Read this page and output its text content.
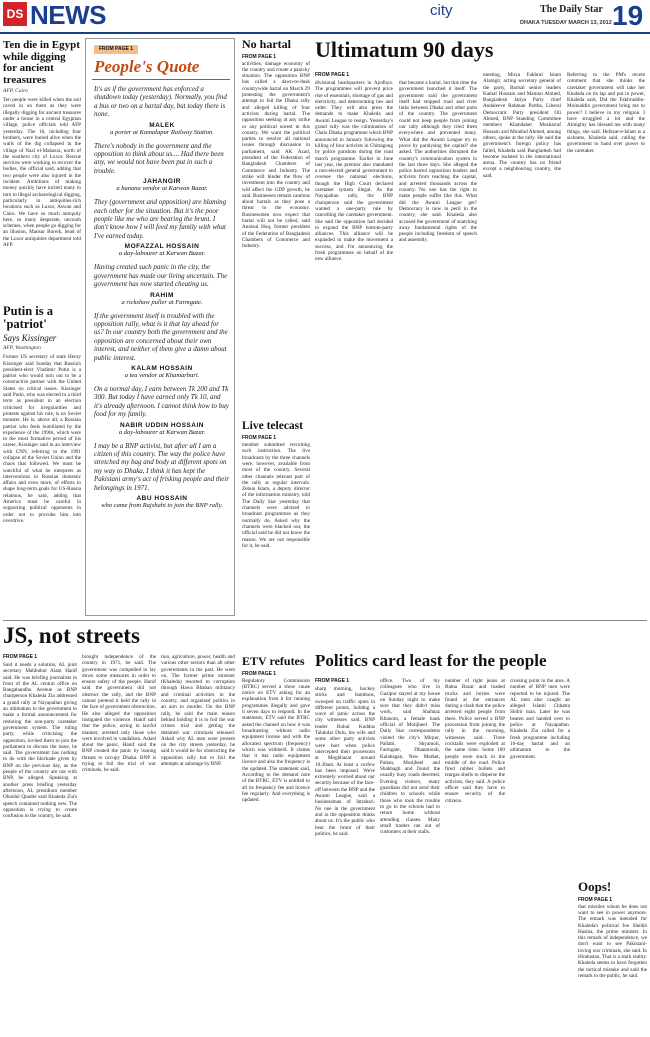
DS NEWS	city	The Daily Star
DHAKA TUESDAY MARCH 13, 2012 19
Ten die in Egypt while digging for ancient treasures
AFP, Cairo
Ten people were killed when the soil caved in on them as they were illegally digging for ancient treasures under a house in a central Egyptian village, police officials told AFP yesterday. The 10, including four brothers, were buried alive when the walls of the dig collapsed in the village of Nazl el-Mahasra, north of the southern city of Luxor. Rescue services were working to recover the bodies, the official said, adding that two people were also injured in the incident. Ambitions of making money quickly have incited many to turn to illegal archaeological digging, particularly in antiquities-rich locations such as Luxor, Aswan and Cairo. We have so much antiquity here, so many desperate, uncouth schemes, when people go digging for an illusion, Mansur Boreik, head of the Luxor antiquities department told AFP.
Putin is a 'patriot'
Says Kissinger
AFP, Washington
Former US secretary of state Henry Kissinger said Sunday that Russia's president-elect Vladimir Putin is a patriot who would turn out to be a constructive partner with the United States on critical issues. Kissinger said Putin, who was elected to a third term as president in an election criticised for irregularities and protests against his rule, is no Soviet monster. He is, above all, a Russian patriot who feels humiliated by the experience of the 1990s, which were to the most formative period of his career, Kissinger said in an interview with CNN, referring to the 1991 collapse of the Soviet Union and the chaos that followed. We must be watchful of what he interprets as interventions in Russian domestic affairs and even more, of efforts to shape long-term goals for US-Russia relations, he said, adding that America must be careful in supporting political opponents in order not to provoke him into overdrive.
FROM PAGE 1
People's Quote
It's as if the government has enforced a shutdown today (yesterday). Normally, you find a bus or two on a hartal day, but today there is none.
MALEK
a porter at Kamalapur Railway Station.
There's nobody in the government and the opposition to think about us.... Had there been any, we would not have been put in such a trouble.
JAHANGIR
a banana vendor at Karwan Bazar.
They (government and opposition) are blaming each other for the situation. But it's the poor people like me who are bearing the brunt. I don't know how I will feed my family with what I've earned today.
MOFAZZAL HOSSAIN
a day-labourer at Karwan Bazar.
Having created such panic in the city, the government has made our living uncertain. The government has now started cheating us.
RAHIM
a rickshaw puller at Farmgate.
If the government itself is troubled with the opposition rally, what is it that lay ahead for us? In our country both the government and the opposition are concerned about their own interest, and neither of them give a damn about public interest.
KALAM HOSSAIN
a tea vendor at Khamarbari.
On a normal day, I earn between Tk 200 and Tk 300. But today I have earned only Tk 10, and it's already afternoon. I cannot think how to buy food for my family.
NABIR UDDIN HOSSAIN
a day-labourer at Karwan Bazar.
I may be a BNP activist, but after all I am a citizen of this country. The way the police have stretched my bag and body at different spots on my way to Dhaka, I think it has kept the Pakistani army's act of frisking people and their belongings in 1971.
ABU HOSSAIN
who came from Rajshahi to join the BNP rally.
No hartal
FROM PAGE 1
activities, damage economy of the country and create a panicky situation. The opposition BNP has called a dawn-to-dusk countrywide hartal on March 29 protesting the government's attempt to foil the Dhaka rally and alleged killing of four activists during hartal. The opposition seeking at any strike or any political unrest in this country. We want the political parties to resolve all national issues through discussion in parliament, said AK Azad, president of the Federation of Bangladesh Chambers of Commerce and Industry. The strike will hinder the flow of investment into the country and will affect the GDP growth, he said. Businesses remain cautious about hartals as they pose a threat to the economy. Businessmen now expect that hartal will not be called, said Annisul Huq, former president of the Federation of Bangladesh Chambers of Commerce and Industry.
Live telecast
FROM PAGE 1
member submitted recruiting such instruction. The live broadcasts by the three channels were, however, available from most of the country. Several other channels telecast part of the rally at regular intervals. Zebun Islam, a deputy director of the information ministry, told The Daily Star yesterday that channels were advised to broadcast programmes as they normally do. Asked why the channels were blacked out, the official said he did not know the reason. We are not responsible for it, he said.
Ultimatum 90 days
FROM PAGE 1
divisional headquarters in Ajodhya. The programmes will prevent price rise of essentials, shortage of gas and electricity, and deteriorating law and order. They will also press the demands to make Khaleda and Awami League to resign. Yesterday's grand rally was the culmination of Chalo Dhaka programme which BNP announced in January following the killing of four activists in Chittagong by police gunshots during the road march programme. Earlier in June last year, the premier also mandated a non-elected general government to oversee the national elections, though the High Court declared caretaker system illegal. As the Nayapaltan rally, the BNP chairperson said the government wanted a one-party rule by cancelling the caretaker government. She said the opposition had decided to expand the BNP bottom-party alliances. This alliance will be expanded to make the movement a success, and I'm announcing the fresh programmes on behalf of the new alliance.
that became a hartal, but this time the government launched it itself. The government said the government itself had stopped road and river links between Dhaka and other parts of the country. The government could not keep people from joining our rally although they tried them everywhere and prevented many. What did the Awami League try to prove by paralysing the capital? she asked. The authorities disrupted the country's communication system in the last three days. She alleged the police barred opposition leaders and activists from reaching the capital, and arrested thousands across the country. No one has the right to make people suffer like this. What did the Awami League get? Democracy is now in peril in the country, she said. Khaleda also accused the government of snatching away fundamental rights of the people including freedom of speech and assembly.
meeting, Mirza Fakhrul Islam Alamgir, acting secretary general of the party, Barisal senior leaders Kamal Hossain and Mamun Ahmed, Bangladesh Jatiya Party chief Andaleeve Rahman Partha, Liberal Democratic Party president Oli Ahmed, BNP Standing Committee members Khandaker Mosharraf Hossain and Moudud Ahmed, among others, spoke at the rally. He said the government's foreign policy has failed, Khaleda said Bangladesh had become isolated in the international arena. The country has no friend except a neighbouring country, she said.
Referring to the PM's recent comment that she thinks the caretaker government will take her Khaleda on its lap and put in power, Khaleda said, Did the Fakhruddin-Moinuddin government bring me to power? I believe in my religion. I have struggled a lot and the Almighty has blessed me with many things, she said. Hefazat-e-Islam is a sickness, Khaleda said, calling the government to hand over power to the caretaker.
JS, not streets
FROM PAGE 1
Said it needs a solution, AL joint secretary Mahbubul Alam Hanif said. He was briefing journalists in front of the AL central office on Bangabandhu Avenue as BNP chairperson Khaleda Zia addressed a grand rally at Nayapaltan giving an ultimatum to the government to make a formal announcement for restoring the non-party caretaker government system. The ruling party, while criticising the opposition, invited them to join the parliament to discuss the issue, he said. The government has nothing to do with the blockade given by BNP on the previous day, as the people of the country are not with BNP, he alleged. Speaking at another press briefing yesterday afternoon, AL presidium member Obaidul Quader said Khaleda Zia's speech contained nothing new. The opposition is trying to create confusion in the country, he said.
brought independence of the country in 1971, he said. The government was compelled to lay down some measures in order to ensure safety of the people. Hanif said the government did not obstruct the rally, and the BNP cannot pretend it held the rally in the face of government obstruction. He also alleged the opposition instigated the violence. Hanif said that the police, acting in lawful manner, arrested only those who were involved in vandalism. Asked about the panic, Hanif said the BNP created the panic by issuing threats to occupy Dhaka. BNP is trying to foil the trial of war criminals, he said.
tion, agriculture, power, health and various other sectors than all other governments in the past. He went on, The former prime minister (Khaleda) resorted to corruption through Hawa Bhaban militancy and criminal activities in the country, and organised politics in an aim to murder. On the BNP rally, he said the main reason behind holding it is to foil the war crimes trial and getting the detained war criminals released. Asked why AL men were present on the city streets yesterday, he said it would be for obstructing the opposition rally but to foil the attempts at sabotage by BNP.
ETV refutes
FROM PAGE 1
Regulatory Commission (BTRC) served a show cause notice on ETV asking for an explanation from it for running programmes illegally and gave it seven days to respond. In the statement, ETV said the BTRC asked the channel on how it was broadcasting without radio equipment license and with the allocated spectrum (frequency) which was withheld. It claims that it has radio equipment licence and also the frequency is the updated. The statement said, According to the demand note of the BTRC, ETV is entitled to all its frequency fee and licence fee regularly. And everything is updated.
Politics card least for the people
FROM PAGE 1
sharp morning, hockey sticks and bamboos, swooped on traffic spots in different points, holding a wave of panic across the city witnesses said. BNP leader Ruhul Kuddus Talukdar Dulu, his wife and some other party activists were hurt when police intercepted their procession at Moghbazar around 10.30am. At least a curfew has been imposed. We're extremely worried about our security because of the face-off between the BNP and the Awami League, said a businessman of Jatrabari. No one in the government and in the opposition thinks about us. It's the public who bear the brunt of their politics, he said.
office. Two of my colleagues who live in Gazipur stayed at my house on Sunday night to make sure that they didn't miss work, said Shahnaz Khanom, a female bank official of Motijheel. The Daily Star correspondents visited the city's Mirpur, Pallabi, Shyamoli, Farmgate, Dhanmondi, Kalabagan, New Market, Paltan, Motijheel and Shahbagh and found the usually busy roads deserted. Evening visitors, many guardians did not send their children to schools while those who took the trouble to go to the schools had to return home without attending classes. Many small traders ran out of customers at their stalls.
number of tight jeans at Ratna Bazar and loaded trucks and lorries were found at the entrances during a clash that the police arrested eight people from there. Police served a BNP procession from joining the rally in the morning, witnesses said. Three cocktails were exploded at the same time. Some 100 people were stuck in the middle of the road. Police fired rubber bullets and teargas shells to disperse the activists, they said. A police officer said they have to ensure security of the citizens.
crossing point in the area. A number of BNP men were reported to be injured. The AL men also caught an alleged Islami Chhatra Shibir man. Later he was beaten and handed over to police at Nayapaltan. Khaleda Zia called for a fresh programme including 10-day hartal and an ultimatum to the government.
Oops!
FROM PAGE 1
that missiles whom he does not want to see in power anymore. The remark was intended for Khaleda's political foe Sheikh Hasina, the prime minister. In this remark of independence, we don't want to see Pakistani-loving war criminals, she said. In Hindustan, That is a stark reality. Khaleda seems to have forgotten the tactical mistake and said the remark to the public, he said.
